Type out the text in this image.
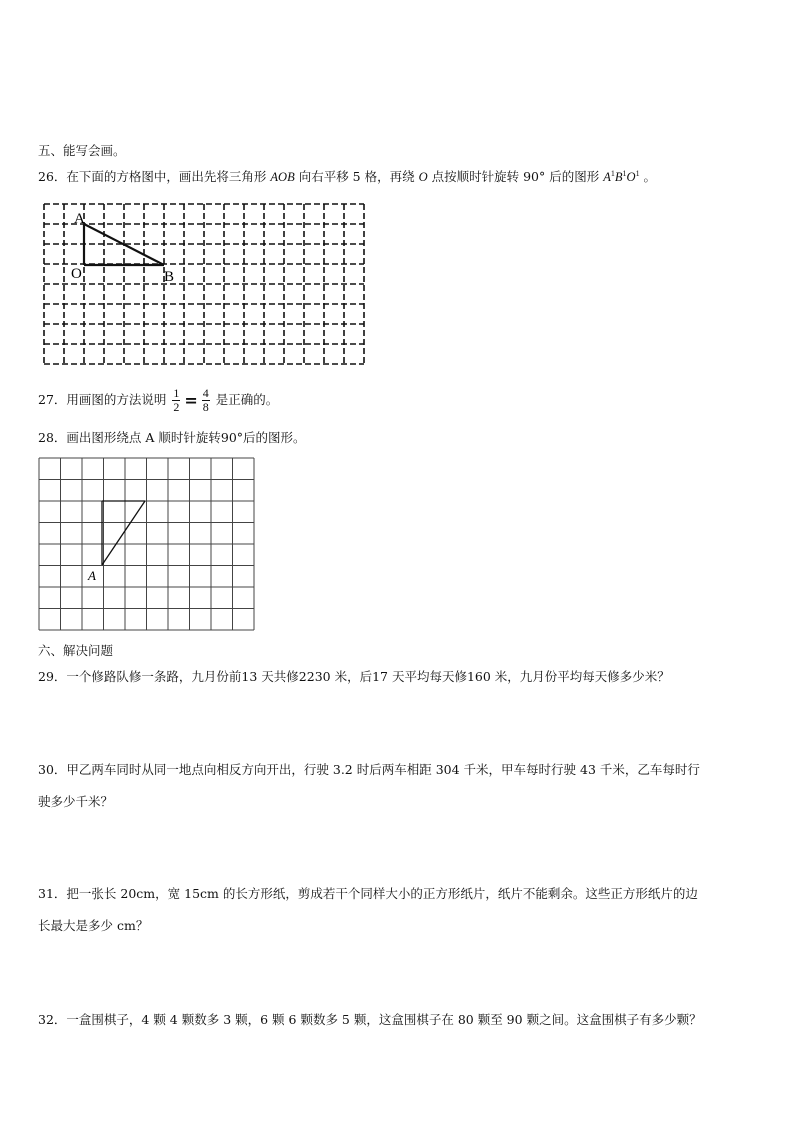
五、能写会画。
26．在下面的方格图中，画出先将三角形 AOB 向右平移 5 格，再绕 O 点按顺时针旋转 90° 后的图形 $A^1B^1O^1$ 。
A
O	B
27．用画图的方法说明 $\frac{1}{2} = \frac{4}{8}$ 是正确的。
28．画出图形绕点 A 顺时针旋转90°后的图形。
A
六、解决问题
29．一个修路队修一条路，九月份前13 天共修2230 米，后17 天平均每天修160 米，九月份平均每天修多少米？
30．甲乙两车同时从同一地点向相反方向开出，行驶 3.2 时后两车相距 304 千米，甲车每时行驶 43 千米，乙车每时行
驶多少千米？
31．把一张长 20cm，宽 15cm 的长方形纸，剪成若干个同样大小的正方形纸片，纸片不能剩余。这些正方形纸片的边
长最大是多少 cm？
32．一盒围棋子，4 颗 4 颗数多 3 颗，6 颗 6 颗数多 5 颗，这盒围棋子在 80 颗至 90 颗之间。这盒围棋子有多少颗？
